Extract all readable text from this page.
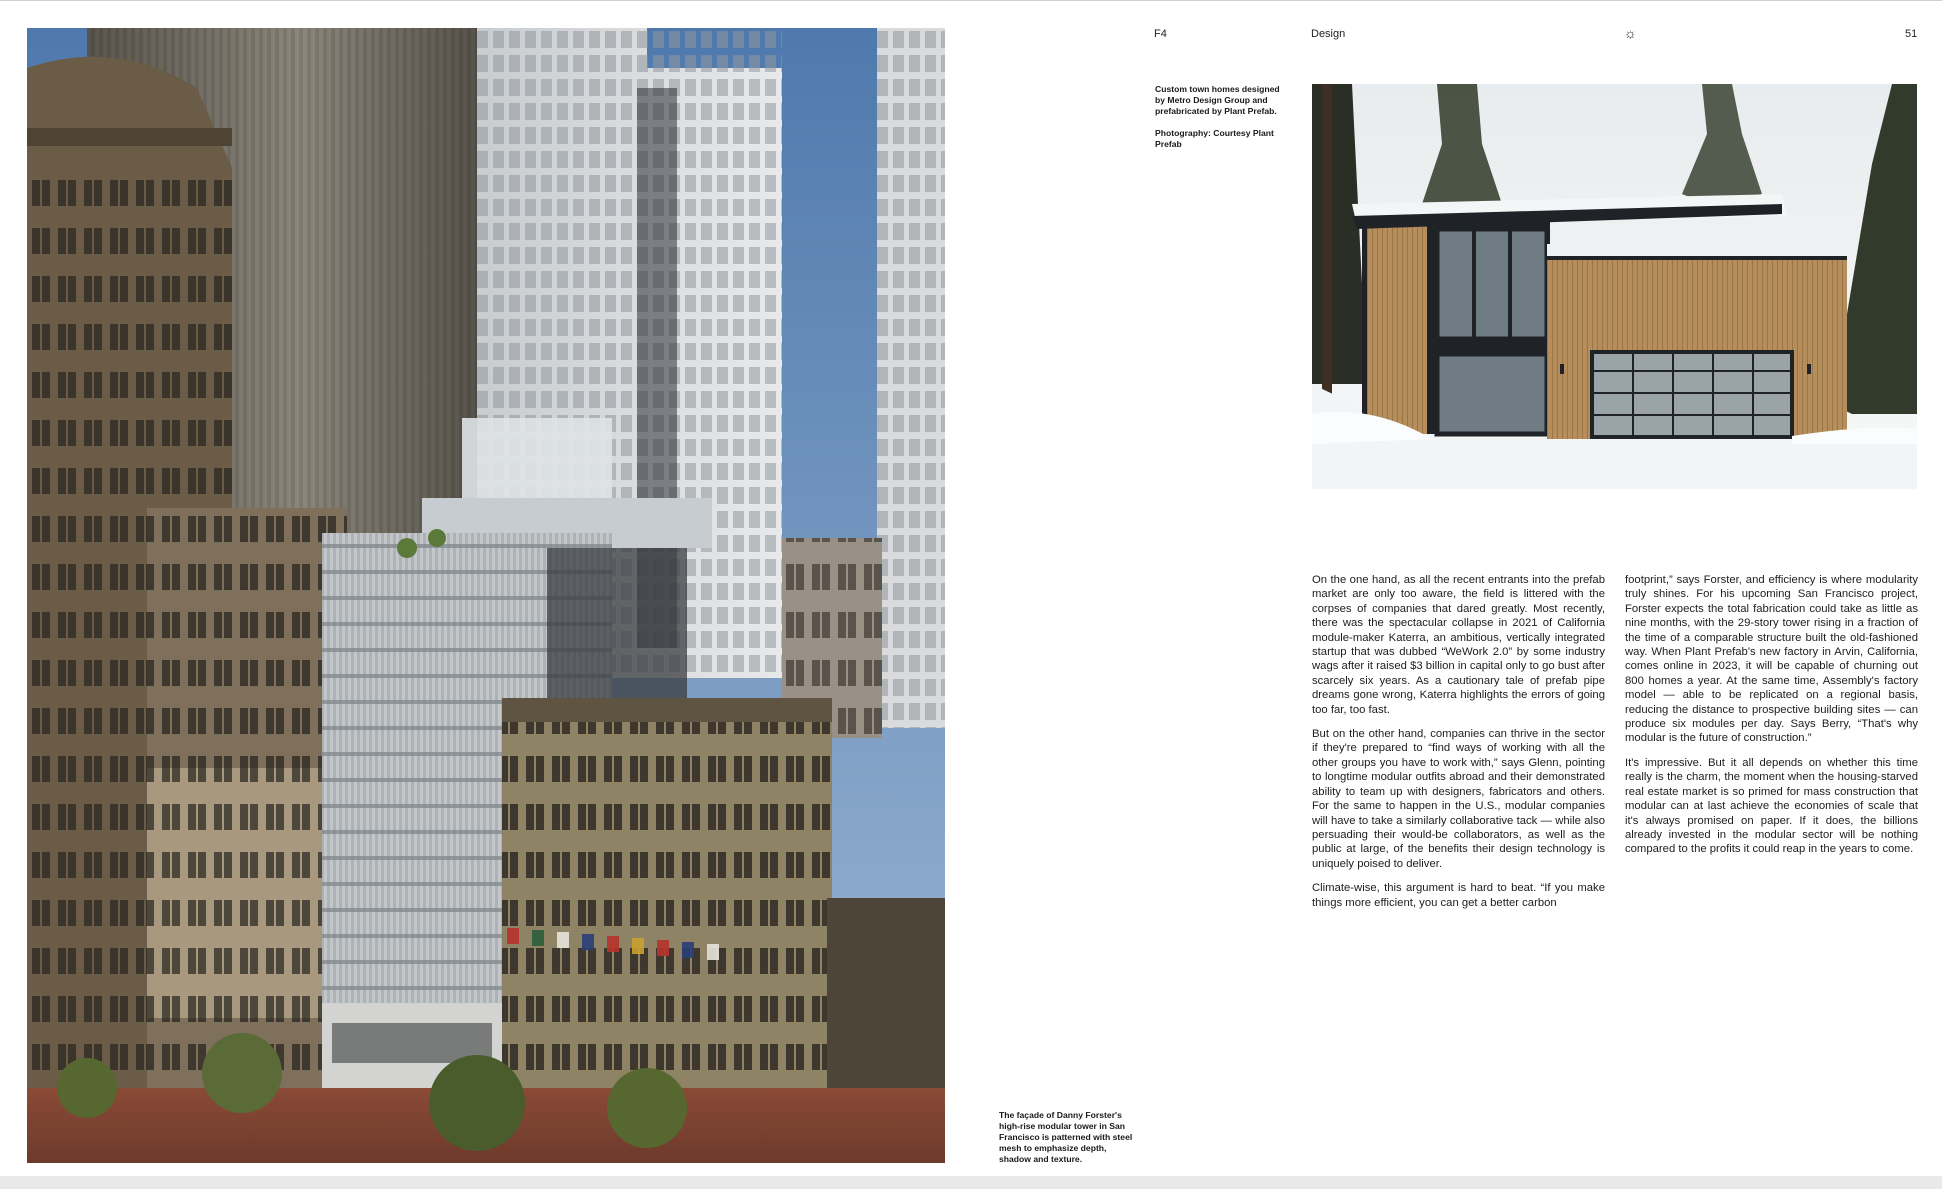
The façade of Danny Forster's high-rise modular tower in San Francisco is patterned with steel mesh to emphasize depth, shadow and texture.
F4	Design	☼	51

Custom town homes designed by Metro Design Group and prefabricated by Plant Prefab.

Photography: Courtesy Plant Prefab

On the one hand, as all the recent entrants into the prefab market are only too aware, the field is littered with the corpses of companies that dared greatly. Most recently, there was the spectacular collapse in 2021 of California module-maker Katerra, an ambitious, vertically integrated startup that was dubbed “WeWork 2.0” by some industry wags after it raised $3 billion in capital only to go bust after scarcely six years. As a cautionary tale of prefab pipe dreams gone wrong, Katerra highlights the errors of going too far, too fast.

But on the other hand, companies can thrive in the sector if they're prepared to “find ways of working with all the other groups you have to work with,” says Glenn, pointing to longtime modular outfits abroad and their demonstrated ability to team up with designers, fabricators and others. For the same to happen in the U.S., modular companies will have to take a similarly collaborative tack — while also persuading their would-be collaborators, as well as the public at large, of the benefits their design technology is uniquely poised to deliver.

Climate-wise, this argument is hard to beat. “If you make things more efficient, you can get a better carbon

footprint,” says Forster, and efficiency is where modularity truly shines. For his upcoming San Francisco project, Forster expects the total fabrication could take as little as nine months, with the 29-story tower rising in a fraction of the time of a comparable structure built the old-fashioned way. When Plant Prefab's new factory in Arvin, California, comes online in 2023, it will be capable of churning out 800 homes a year. At the same time, Assembly's factory model — able to be replicated on a regional basis, reducing the distance to prospective building sites — can produce six modules per day. Says Berry, “That's why modular is the future of construction.”

It's impressive. But it all depends on whether this time really is the charm, the moment when the housing-starved real estate market is so primed for mass construction that modular can at last achieve the economies of scale that it's always promised on paper. If it does, the billions already invested in the modular sector will be nothing compared to the profits it could reap in the years to come.
